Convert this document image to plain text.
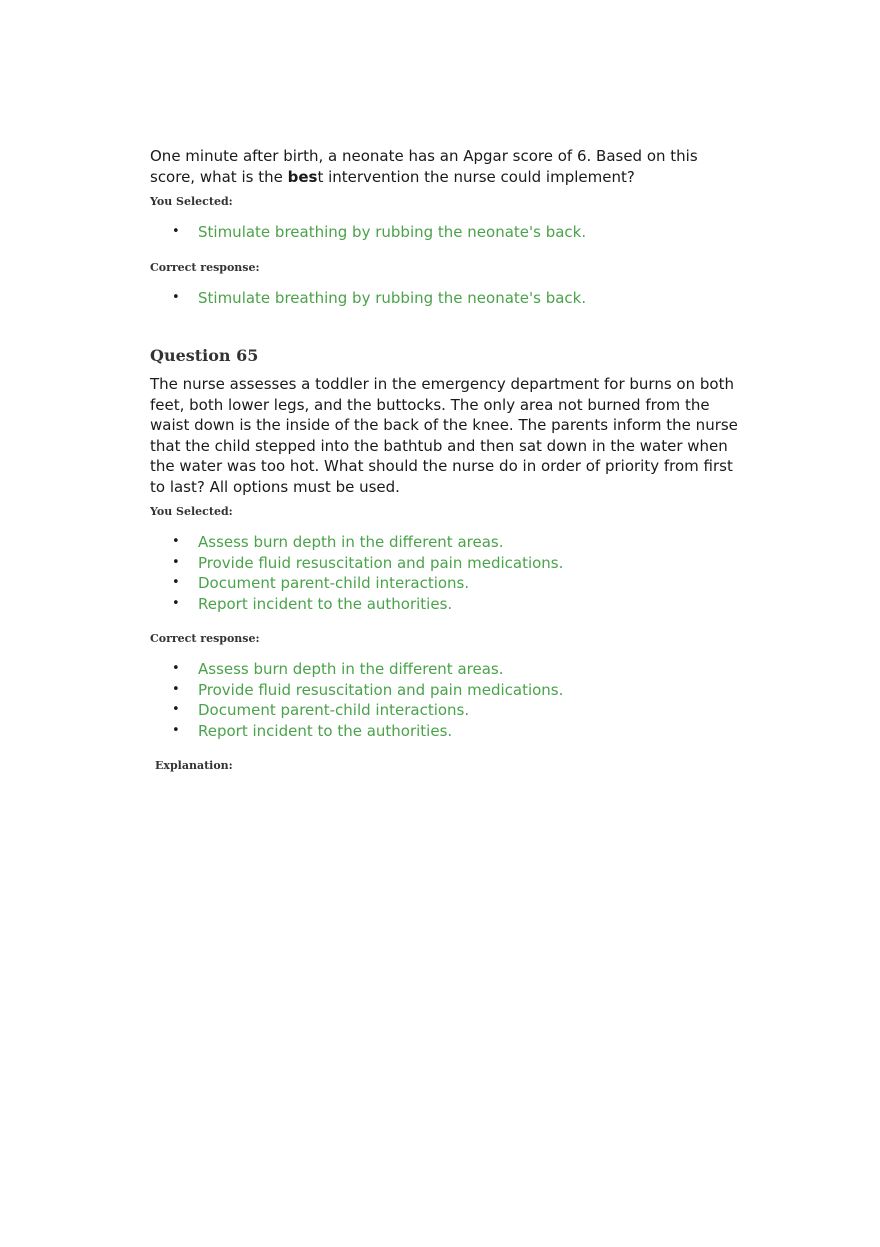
One minute after birth, a neonate has an Apgar score of 6. Based on this score, what is the best intervention the nurse could implement?

You Selected:

• Stimulate breathing by rubbing the neonate's back.

Correct response:

• Stimulate breathing by rubbing the neonate's back.

Question 65

The nurse assesses a toddler in the emergency department for burns on both feet, both lower legs, and the buttocks. The only area not burned from the waist down is the inside of the back of the knee. The parents inform the nurse that the child stepped into the bathtub and then sat down in the water when the water was too hot. What should the nurse do in order of priority from first to last? All options must be used.

You Selected:

• Assess burn depth in the different areas.
• Provide fluid resuscitation and pain medications.
• Document parent-child interactions.
• Report incident to the authorities.

Correct response:

• Assess burn depth in the different areas.
• Provide fluid resuscitation and pain medications.
• Document parent-child interactions.
• Report incident to the authorities.

Explanation:
